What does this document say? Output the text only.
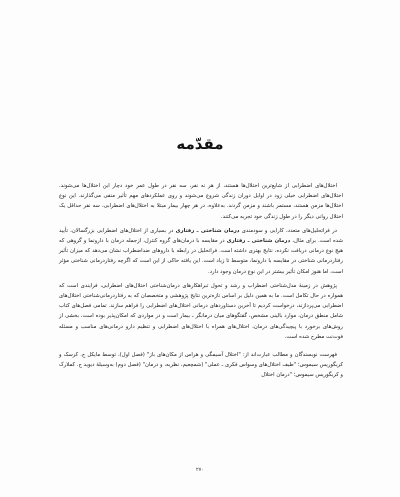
مقدّمه

اختلال‌های اضطرابی از شایع‌ترین اختلال‌ها هستند، از هر نه نفر، سه نفر در طول عمر خود دچار این اختلال‌ها می‌شوند. اختلال‌های اضطرابی خیلی زود در اوایل دوران زندگی شروع می‌شوند و روی عملکردهای مهم تأثیر منفی می‌گذارند. این نوع اختلال‌ها مزمن هستند، مستمر باشند و مزمن گردند. به‌علاوه، در هر چهار بیمار مبتلا به اختلال‌های اضطرابی، سه نفر حداقل یک اختلال روانی دیگر را در طول زندگی خود تجربه می‌کنند.

در فراتحلیل‌های متعدد، کارایی و سودمندی درمان شناختی ـ رفتاری در بسیاری از اختلال‌های اضطرابی بزرگسالان، تأیید شده است. برای مثال، درمان شناختی ـ رفتاری در مقایسه با درمان‌های گروه کنترل، ازجمله درمان با دارونما و گروهی که هیچ نوع درمانی دریافت نکرده، نتایج بهتری داشته است. فراتحلیل در رابطه با داروهای ضداضطراب نشان می‌دهد که میزان تأثیر رفتاردرمانی شناختی در مقایسه با دارونما، متوسط تا زیاد است. این یافته حاکی از این است که اگرچه رفتاردرمانی شناختی مؤثر است، اما هنوز امکان تأثیر بیشتر در این نوع درمان وجود دارد.

پژوهش در زمینهٔ مدل‌شناختی اضطراب و رشد و تحول تبراهکارهای درمان‌شناختی اختلال‌های اضطرابی، فرایندی است که همواره در حال تکامل است. ما به همین دلیل بر اساس تازه‌ترین نتایج پژوهشی و متخصصان که به رفتاردرمانی‌شناختی اختلال‌های اضطرابی می‌پردازند، درخواست کردیم تا آخرین دستاوردهای درمانی اختلال‌های اضطرابی را فراهم سازند. تمامی فصل‌های کتاب شامل منطق درمان، موارد بالینی مشخص، گفتگوهای میان درمانگر ـ بیمار است و در مواردی که امکان‌پذیر بوده است، بخشی از روش‌های برخورد با پیچیدگی‌های درمان، اختلال‌های همراه با اختلال‌های اضطرابی و تنظیم دارو درمانی‌های مناسب و مسئله فوت‌نت مطرح شده است.

فهرست نویسندگان و مطالب عبارت‌اند از: "اختلال آسیمگی و هراس از مکان‌های باز" (فصل اول)، توسط مایکل ج. کرسک و کریگوریس سیموس؛ "طیف اختلال‌های وسواس فکری ـ عملی" (شمچعیم، نظریه، و درمان" (فصل دوم) به‌وسیلهٔ دیوید ج. کملارک و کریگوریس سیموس؛ "درمان اختلال

۲۷۰
